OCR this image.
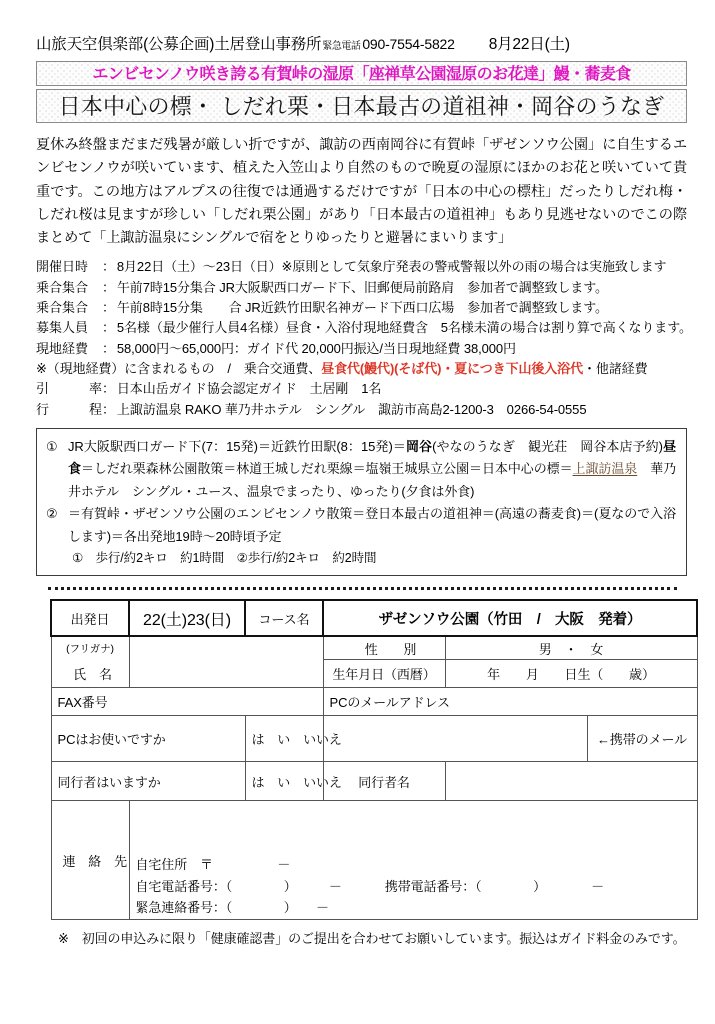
山旅天空倶楽部(公募企画)土居登山事務所 緊急電話 090-7554-5822 8月22日(土)
エンビセンノウ咲き誇る有賀峠の湿原「座禅草公園湿原のお花達」鰻・蕎麦食
日本中心の標・ しだれ栗・日本最古の道祖神・岡谷のうなぎ
夏休み終盤まだまだ残暑が厳しい折ですが、諏訪の西南岡谷に有賀峠「ザゼンソウ公園」に自生するエンビセンノウが咲いています、植えた入笠山より自然のもので晩夏の湿原にほかのお花と咲いていて貴重です。この地方はアルプスの往復では通過するだけですが「日本の中心の標柱」だったりしだれ梅・しだれ桜は見ますが珍しい「しだれ栗公園」があり「日本最古の道祖神」もあり見逃せないのでこの際まとめて「上諏訪温泉にシングルで宿をとりゆったりと避暑にまいります」
開催日時	： 8月22日（土）～23日（日）※原則として気象庁発表の警戒警報以外の雨の場合は実施致します
乗合集合	： 午前7時15分集合 JR大阪駅西口ガード下、旧郵便局前路肩　参加者で調整致します。
乗合集合	： 午前8時15分集　　合 JR近鉄竹田駅名神ガード下西口広場　参加者で調整致します。
募集人員	： 5名様（最少催行人員4名様）昼食・入浴付現地経費含　5名様未満の場合は割り算で高くなります。
現地経費	： 58,000円～65,000円：ガイド代 20,000円振込/当日現地経費 38,000円
※（現地経費）に含まれるもの　/　乗合交通費、 昼食代(鰻代)(そば代)・夏につき下山後入浴代 ・他諸経費
引	率 ： 日本山岳ガイド協会認定ガイド　土居剛　1名
行	程 ： 上諏訪温泉 RAKO 華乃井ホテル　シングル　諏訪市高島2-1200-3　0266-54-0555
① JR大阪駅西口ガード下(7：15発)＝近鉄竹田駅(8：15発)＝岡谷(やなのうなぎ　観光荘　岡谷本店予約)昼食＝しだれ栗森林公園散策＝林道王城しだれ栗線＝塩嶺王城県立公園＝日本中心の標＝上諏訪温泉　華乃井ホテル　シングル・ユース、温泉でまったり、ゆったり(夕食は外食)
② ＝有賀峠・ザゼンソウ公園のエンビセンノウ散策＝登日本最古の道祖神＝(高遠の蕎麦食)＝(夏なので入浴します)＝各出発地19時～20時頃予定
①　歩行/約2キロ　約1時間　②歩行/約2キロ　約2時間
出発日	22(土)23(日)	コース名	ザゼンソウ公園（竹田　/　大阪　発着）		
(フリガナ)			性　　別	男　・　女	
氏　名			生年月日（西暦）	年　　月　　日生（　　歳）	
FAX番号			PCのメールアドレス		
PCはお使いですか		は　い　いいえ			←携帯のメール
同行者はいますか		は　い　いいえ	同行者名		
連　絡　先	自宅住所　〒　　　　　－
自宅電話番号：（　　　　）　　　－ 携帯電話番号：（　　　　）　　　　－
緊急連絡番号：（　　　　）　　－				
※　初回の申込みに限り「健康確認書」のご提出を合わせてお願いしています。振込はガイド料金のみです。
